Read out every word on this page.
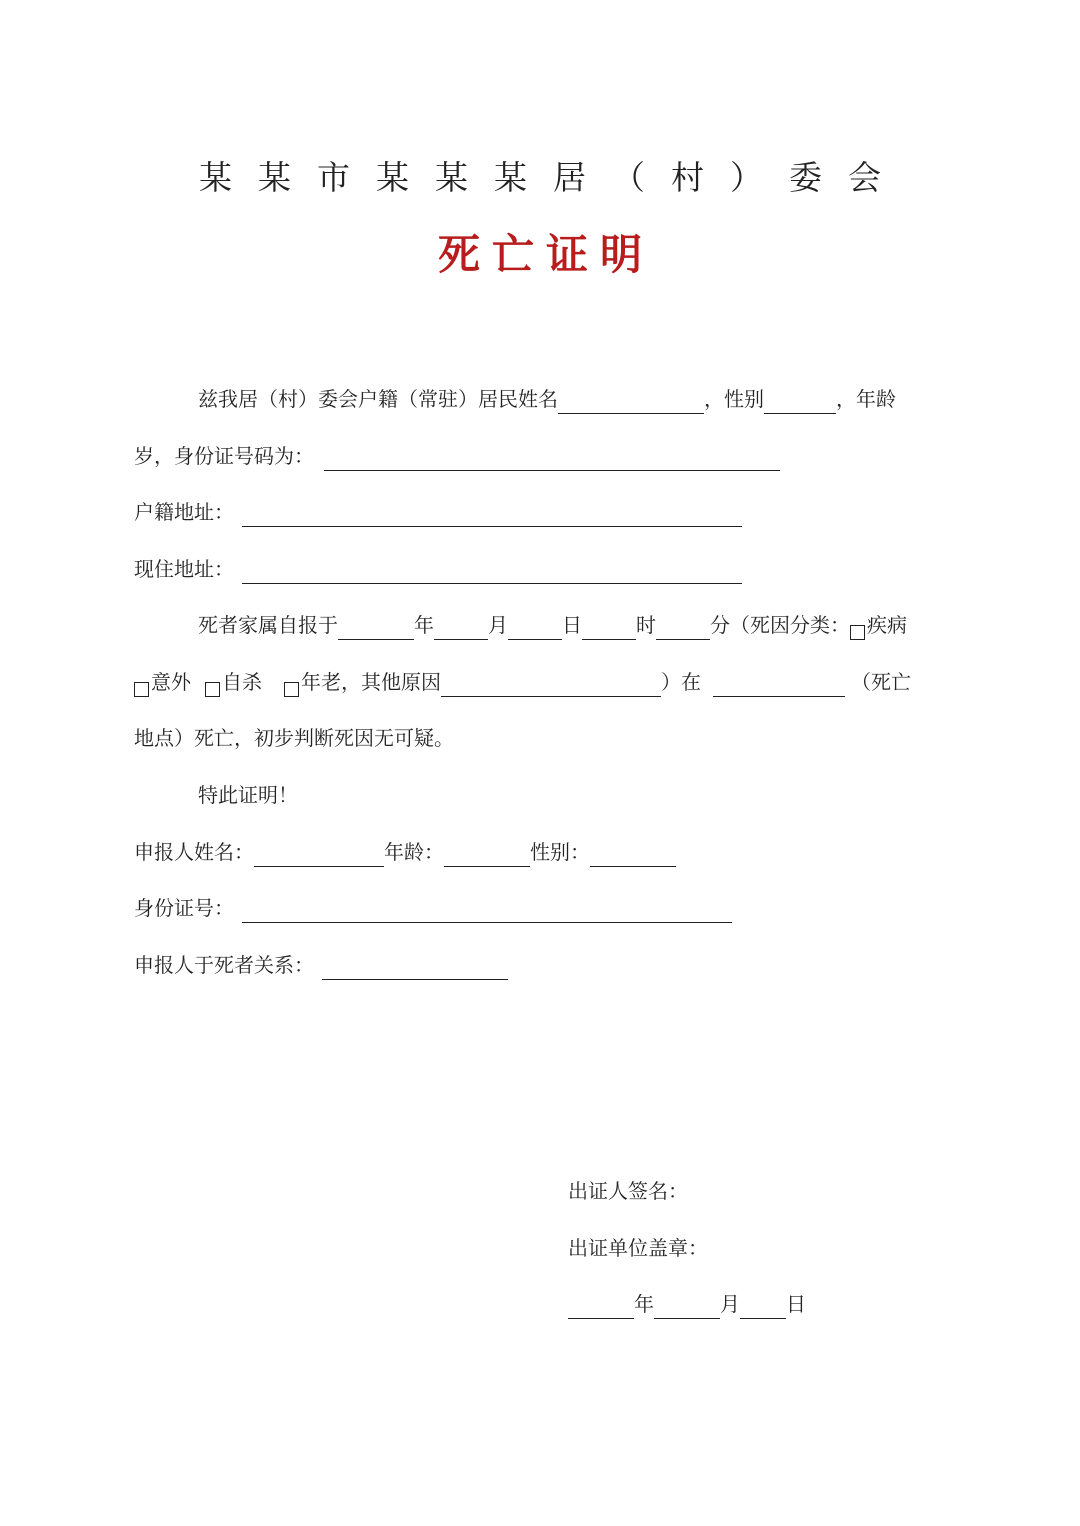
某某市某某某居（村）委会
死亡证明
兹我居（村）委会户籍（常驻）居民姓名	，性别	，年龄
岁，身份证号码为：
户籍地址：
现住地址：
死者家属自报于	年	月	日	时	分（死因分类： 疾病
意外 自杀 年老，其他原因	）在	（死亡
地点）死亡，初步判断死因无可疑。
特此证明！
申报人姓名：	年龄：	性别：
身份证号：
申报人于死者关系：
出证人签名：
出证单位盖章：
年	月 日
